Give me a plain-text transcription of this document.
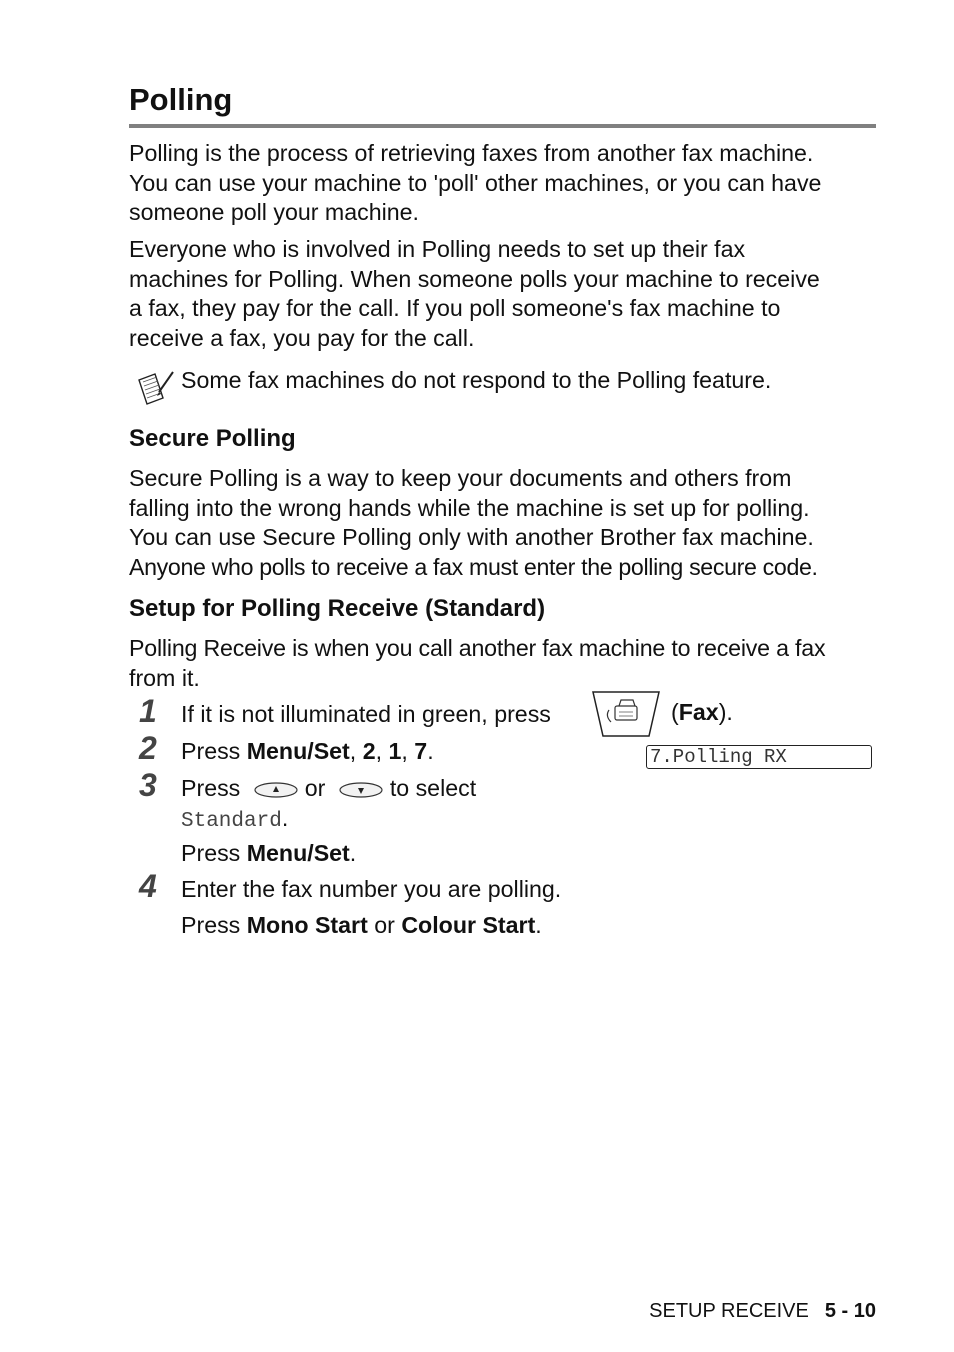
Polling

Polling is the process of retrieving faxes from another fax machine.
You can use your machine to 'poll' other machines, or you can have
someone poll your machine.

Everyone who is involved in Polling needs to set up their fax
machines for Polling. When someone polls your machine to receive
a fax, they pay for the call. If you poll someone's fax machine to
receive a fax, you pay for the call.

Some fax machines do not respond to the Polling feature.
Secure Polling

Secure Polling is a way to keep your documents and others from
falling into the wrong hands while the machine is set up for polling.
You can use Secure Polling only with another Brother fax machine.
Anyone who polls to receive a fax must enter the polling secure code.

Setup for Polling Receive (Standard)

Polling Receive is when you call another fax machine to receive a fax
from it.

1 If it is not illuminated in green, press	(Fax).
2 Press Menu/Set, 2, 1, 7.	7.Polling RX
3 Press	or	to select
Standard.
Press Menu/Set.
4 Enter the fax number you are polling.
Press Mono Start or Colour Start.
SETUP RECEIVE 5 - 10
